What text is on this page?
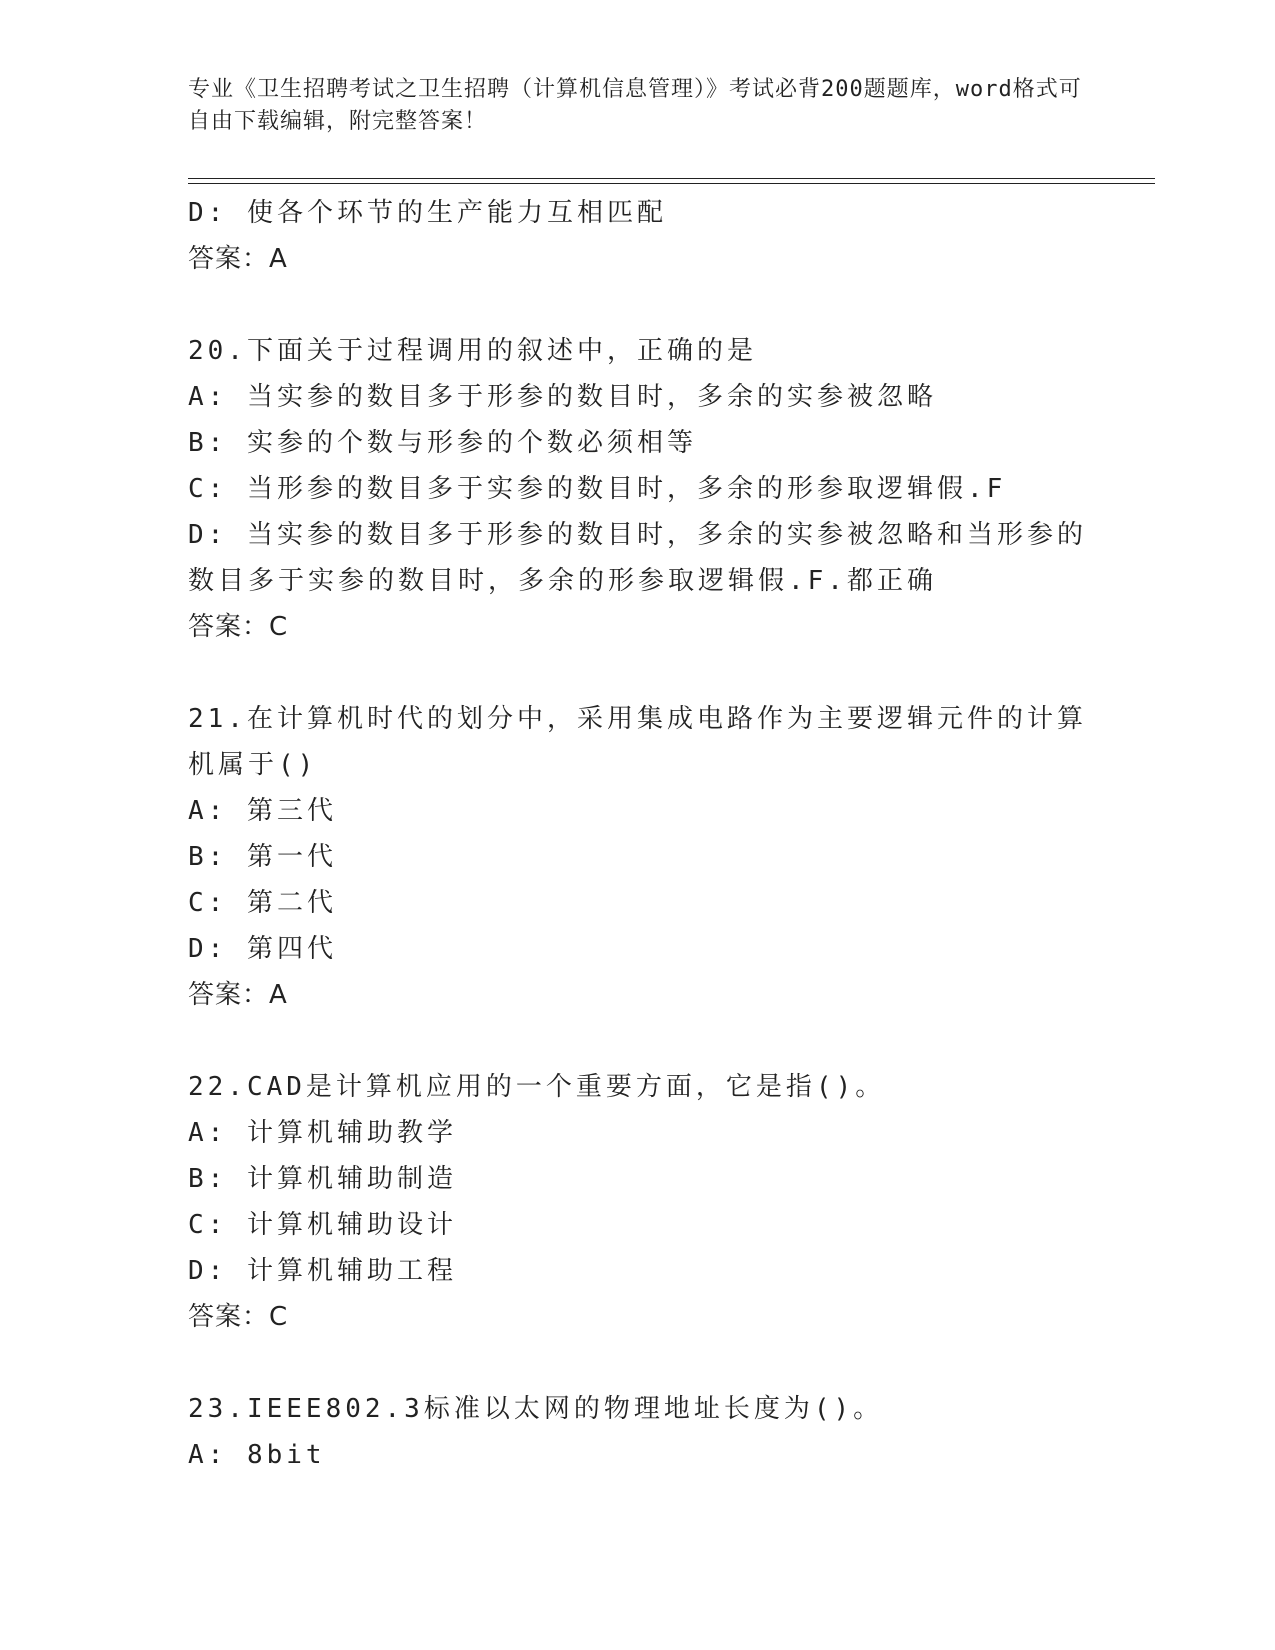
专业《卫生招聘考试之卫生招聘（计算机信息管理）》考试必背200题题库，word格式可自由下载编辑，附完整答案！
D: 使各个环节的生产能力互相匹配
答案：A
20.下面关于过程调用的叙述中，正确的是
A: 当实参的数目多于形参的数目时，多余的实参被忽略
B: 实参的个数与形参的个数必须相等
C: 当形参的数目多于实参的数目时，多余的形参取逻辑假.F
D: 当实参的数目多于形参的数目时，多余的实参被忽略和当形参的数目多于实参的数目时，多余的形参取逻辑假.F.都正确
答案：C
21.在计算机时代的划分中，采用集成电路作为主要逻辑元件的计算机属于()
A: 第三代
B: 第一代
C: 第二代
D: 第四代
答案：A
22.CAD是计算机应用的一个重要方面，它是指()。
A: 计算机辅助教学
B: 计算机辅助制造
C: 计算机辅助设计
D: 计算机辅助工程
答案：C
23.IEEE802.3标准以太网的物理地址长度为()。
A: 8bit
